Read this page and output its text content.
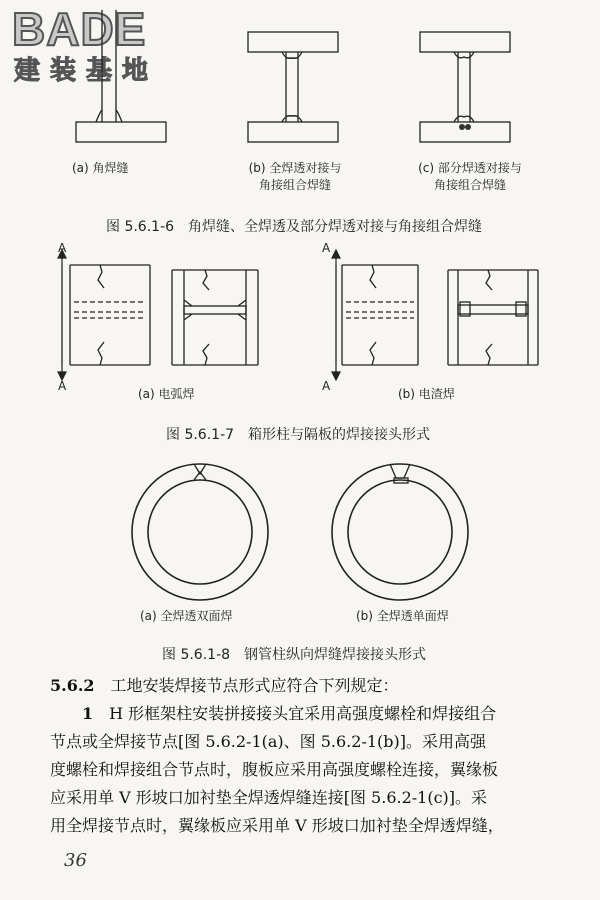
BADE
建装基地
(a) 角焊缝	(b) 全焊透对接与
角接组合焊缝
(c) 部分焊透对接与
角接组合焊缝
图 5.6.1-6　角焊缝、全焊透及部分焊透对接与角接组合焊缝
A
A
A
A
(a) 电弧焊	(b) 电渣焊
图 5.6.1-7　箱形柱与隔板的焊接接头形式
(a) 全焊透双面焊	(b) 全焊透单面焊
图 5.6.1-8　钢管柱纵向焊缝焊接接头形式
5.6.2　工地安装焊接节点形式应符合下列规定：
1　H 形框架柱安装拼接接头宜采用高强度螺栓和焊接组合
节点或全焊接节点[图 5.6.2-1(a)、图 5.6.2-1(b)]。采用高强
度螺栓和焊接组合节点时，腹板应采用高强度螺栓连接，翼缘板
应采用单 V 形坡口加衬垫全焊透焊缝连接[图 5.6.2-1(c)]。采
用全焊接节点时，翼缘板应采用单 V 形坡口加衬垫全焊透焊缝，
36
